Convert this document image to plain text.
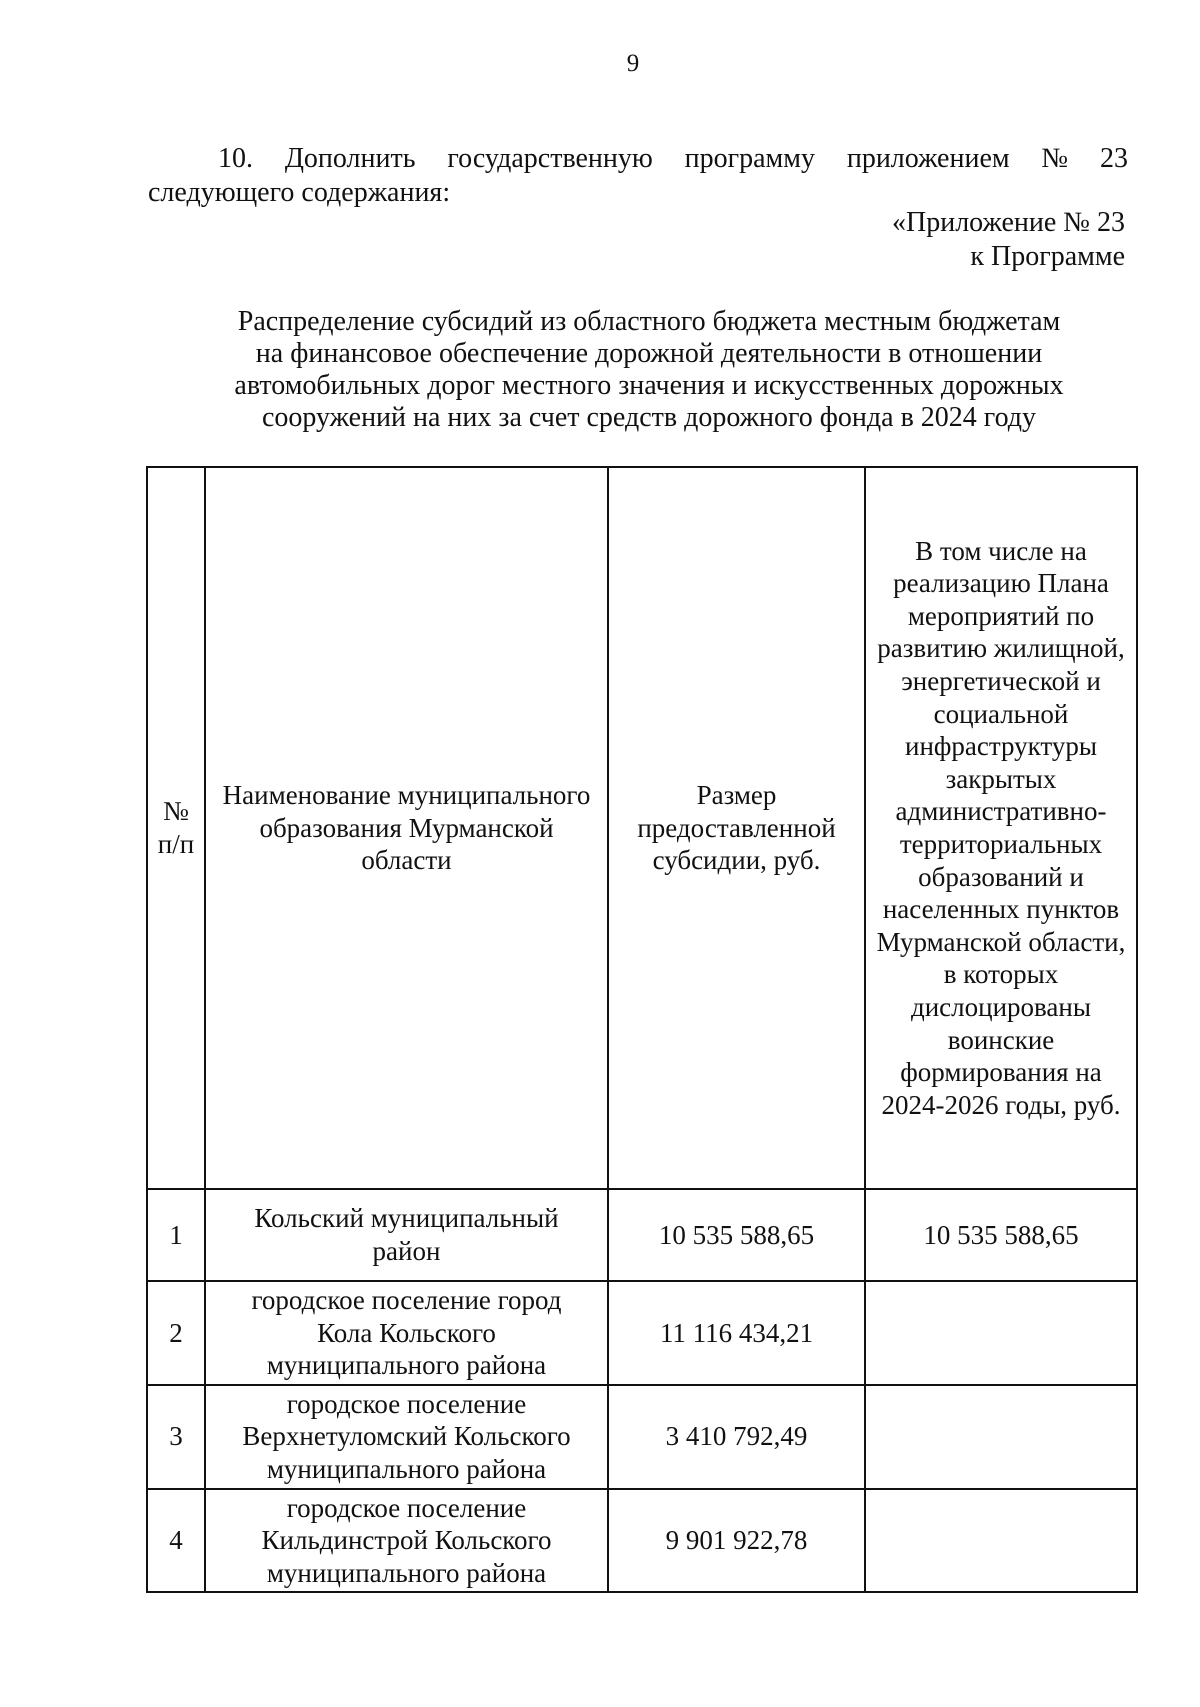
9
10. Дополнить государственную программу приложением № 23
следующего содержания:
«Приложение № 23
к Программе
Распределение субсидий из областного бюджета местным бюджетам
на финансовое обеспечение дорожной деятельности в отношении
автомобильных дорог местного значения и искусственных дорожных
сооружений на них за счет средств дорожного фонда в 2024 году
№ п/п	Наименование муниципального образования Мурманской области	Размер предоставленной субсидии, руб.	В том числе на реализацию Плана мероприятий по развитию жилищной, энергетической и социальной инфраструктуры закрытых административно-территориальных образований и населенных пунктов Мурманской области, в которых дислоцированы воинские формирования на 2024-2026 годы, руб.
1	Кольский муниципальный район	10 535 588,65	10 535 588,65
2	городское поселение город Кола Кольского муниципального района	11 116 434,21	
3	городское поселение Верхнетуломский Кольского муниципального района	3 410 792,49	
4	городское поселение Кильдинстрой Кольского муниципального района	9 901 922,78	
